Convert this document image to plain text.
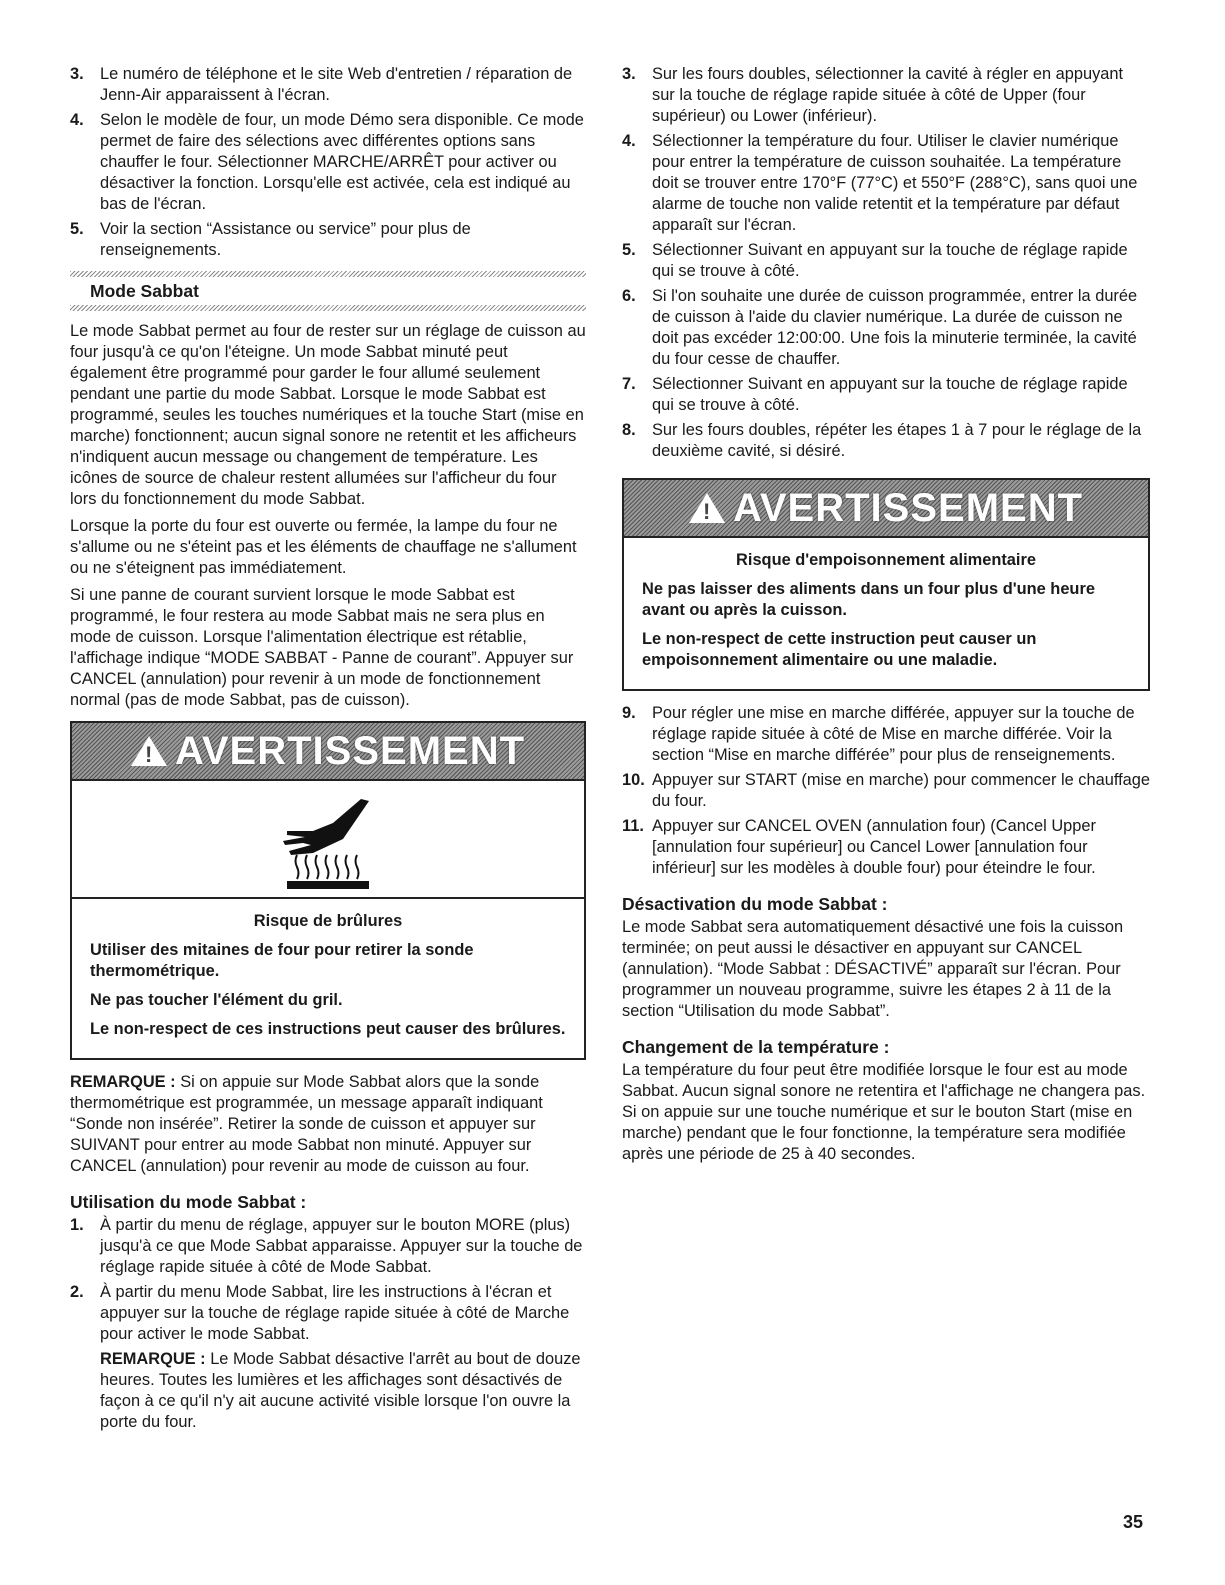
3. Le numéro de téléphone et le site Web d'entretien / réparation de Jenn-Air apparaissent à l'écran.
4. Selon le modèle de four, un mode Démo sera disponible. Ce mode permet de faire des sélections avec différentes options sans chauffer le four. Sélectionner MARCHE/ARRÊT pour activer ou désactiver la fonction. Lorsqu'elle est activée, cela est indiqué au bas de l'écran.
5. Voir la section “Assistance ou service” pour plus de renseignements.
Mode Sabbat

Le mode Sabbat permet au four de rester sur un réglage de cuisson au four jusqu'à ce qu'on l'éteigne. Un mode Sabbat minuté peut également être programmé pour garder le four allumé seulement pendant une partie du mode Sabbat. Lorsque le mode Sabbat est programmé, seules les touches numériques et la touche Start (mise en marche) fonctionnent; aucun signal sonore ne retentit et les afficheurs n'indiquent aucun message ou changement de température. Les icônes de source de chaleur restent allumées sur l'afficheur du four lors du fonctionnement du mode Sabbat.

Lorsque la porte du four est ouverte ou fermée, la lampe du four ne s'allume ou ne s'éteint pas et les éléments de chauffage ne s'allument ou ne s'éteignent pas immédiatement.

Si une panne de courant survient lorsque le mode Sabbat est programmé, le four restera au mode Sabbat mais ne sera plus en mode de cuisson. Lorsque l'alimentation électrique est rétablie, l'affichage indique “MODE SABBAT - Panne de courant”. Appuyer sur CANCEL (annulation) pour revenir à un mode de fonctionnement normal (pas de mode Sabbat, pas de cuisson).

!
AVERTISSEMENT
Risque de brûlures
Utiliser des mitaines de four pour retirer la sonde thermométrique.
Ne pas toucher l'élément du gril.
Le non-respect de ces instructions peut causer des brûlures.

REMARQUE : Si on appuie sur Mode Sabbat alors que la sonde thermométrique est programmée, un message apparaît indiquant “Sonde non insérée”. Retirer la sonde de cuisson et appuyer sur SUIVANT pour entrer au mode Sabbat non minuté. Appuyer sur CANCEL (annulation) pour revenir au mode de cuisson au four.

Utilisation du mode Sabbat :
1. À partir du menu de réglage, appuyer sur le bouton MORE (plus) jusqu'à ce que Mode Sabbat apparaisse. Appuyer sur la touche de réglage rapide située à côté de Mode Sabbat.
2. À partir du menu Mode Sabbat, lire les instructions à l'écran et appuyer sur la touche de réglage rapide située à côté de Marche pour activer le mode Sabbat.
REMARQUE : Le Mode Sabbat désactive l'arrêt au bout de douze heures. Toutes les lumières et les affichages sont désactivés de façon à ce qu'il n'y ait aucune activité visible lorsque l'on ouvre la porte du four.
3. Sur les fours doubles, sélectionner la cavité à régler en appuyant sur la touche de réglage rapide située à côté de Upper (four supérieur) ou Lower (inférieur).
4. Sélectionner la température du four. Utiliser le clavier numérique pour entrer la température de cuisson souhaitée. La température doit se trouver entre 170°F (77°C) et 550°F (288°C), sans quoi une alarme de touche non valide retentit et la température par défaut apparaît sur l'écran.
5. Sélectionner Suivant en appuyant sur la touche de réglage rapide qui se trouve à côté.
6. Si l'on souhaite une durée de cuisson programmée, entrer la durée de cuisson à l'aide du clavier numérique. La durée de cuisson ne doit pas excéder 12:00:00. Une fois la minuterie terminée, la cavité du four cesse de chauffer.
7. Sélectionner Suivant en appuyant sur la touche de réglage rapide qui se trouve à côté.
8. Sur les fours doubles, répéter les étapes 1 à 7 pour le réglage de la deuxième cavité, si désiré.
!
AVERTISSEMENT
Risque d'empoisonnement alimentaire
Ne pas laisser des aliments dans un four plus d'une heure avant ou après la cuisson.
Le non-respect de cette instruction peut causer un empoisonnement alimentaire ou une maladie.
9. Pour régler une mise en marche différée, appuyer sur la touche de réglage rapide située à côté de Mise en marche différée. Voir la section “Mise en marche différée” pour plus de renseignements.
10. Appuyer sur START (mise en marche) pour commencer le chauffage du four.
11. Appuyer sur CANCEL OVEN (annulation four) (Cancel Upper [annulation four supérieur] ou Cancel Lower [annulation four inférieur] sur les modèles à double four) pour éteindre le four.
Désactivation du mode Sabbat :

Le mode Sabbat sera automatiquement désactivé une fois la cuisson terminée; on peut aussi le désactiver en appuyant sur CANCEL (annulation). “Mode Sabbat : DÉSACTIVÉ” apparaît sur l'écran. Pour programmer un nouveau programme, suivre les étapes 2 à 11 de la section “Utilisation du mode Sabbat”.

Changement de la température :

La température du four peut être modifiée lorsque le four est au mode Sabbat. Aucun signal sonore ne retentira et l'affichage ne changera pas. Si on appuie sur une touche numérique et sur le bouton Start (mise en marche) pendant que le four fonctionne, la température sera modifiée après une période de 25 à 40 secondes.

35
